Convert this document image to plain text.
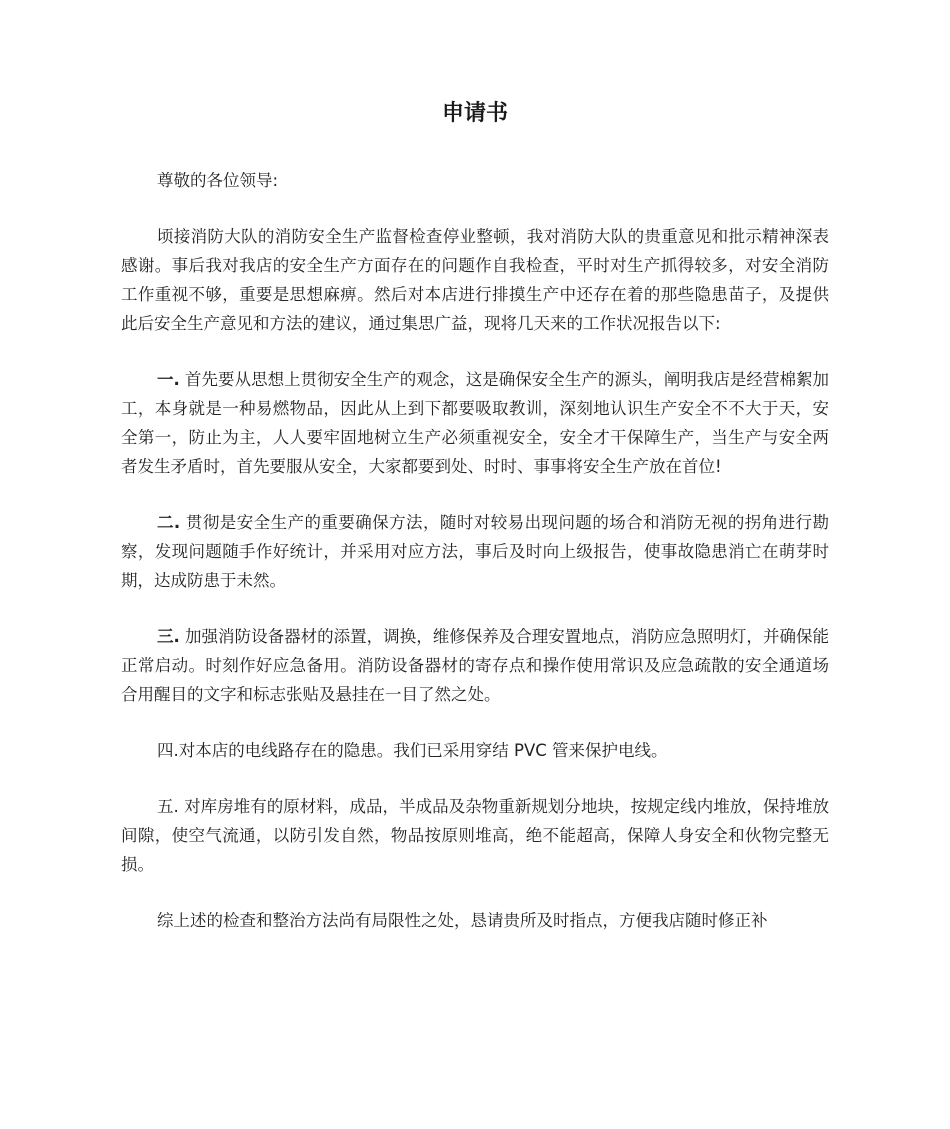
申请书

尊敬的各位领导:

顷接消防大队的消防安全生产监督检查停业整顿，我对消防大队的贵重意见和批示精神深表感谢。事后我对我店的安全生产方面存在的问题作自我检查，平时对生产抓得较多，对安全消防工作重视不够，重要是思想麻痹。然后对本店进行排摸生产中还存在着的那些隐患苗子，及提供此后安全生产意见和方法的建议，通过集思广益，现将几天来的工作状况报告以下:

一. 首先要从思想上贯彻安全生产的观念，这是确保安全生产的源头，阐明我店是经营棉絮加工，本身就是一种易燃物品，因此从上到下都要吸取教训，深刻地认识生产安全不不大于天，安全第一，防止为主，人人要牢固地树立生产必须重视安全，安全才干保障生产，当生产与安全两者发生矛盾时，首先要服从安全，大家都要到处、时时、事事将安全生产放在首位!

二. 贯彻是安全生产的重要确保方法，随时对较易出现问题的场合和消防无视的拐角进行勘察，发现问题随手作好统计，并采用对应方法，事后及时向上级报告，使事故隐患消亡在萌芽时期，达成防患于未然。

三. 加强消防设备器材的添置，调换，维修保养及合理安置地点，消防应急照明灯，并确保能正常启动。时刻作好应急备用。消防设备器材的寄存点和操作使用常识及应急疏散的安全通道场合用醒目的文字和标志张贴及悬挂在一目了然之处。

四.对本店的电线路存在的隐患。我们已采用穿结 PVC 管来保护电线。

五. 对库房堆有的原材料，成品，半成品及杂物重新规划分地块，按规定线内堆放，保持堆放间隙，使空气流通，以防引发自然，物品按原则堆高，绝不能超高，保障人身安全和伙物完整无损。

综上述的检查和整治方法尚有局限性之处，恳请贵所及时指点，方便我店随时修正补
